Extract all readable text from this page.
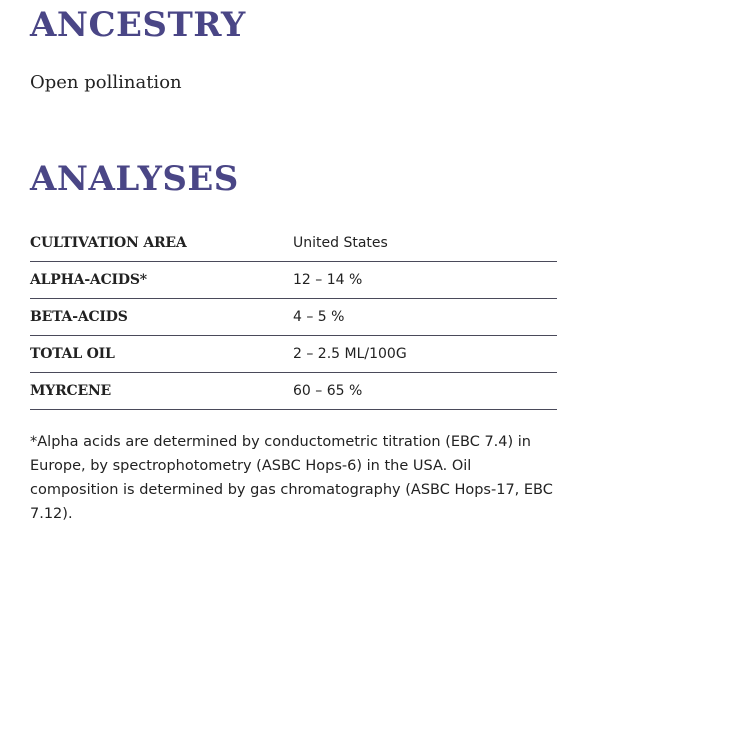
ANCESTRY
Open pollination
ANALYSES
CULTIVATION AREA	United States
ALPHA-ACIDS*	12 – 14 %
BETA-ACIDS	4 – 5 %
TOTAL OIL	2 – 2.5 ML/100G
MYRCENE	60 – 65 %
*Alpha acids are determined by conductometric titration (EBC 7.4) in Europe, by spectrophotometry (ASBC Hops-6) in the USA. Oil composition is determined by gas chromatography (ASBC Hops-17, EBC 7.12).
